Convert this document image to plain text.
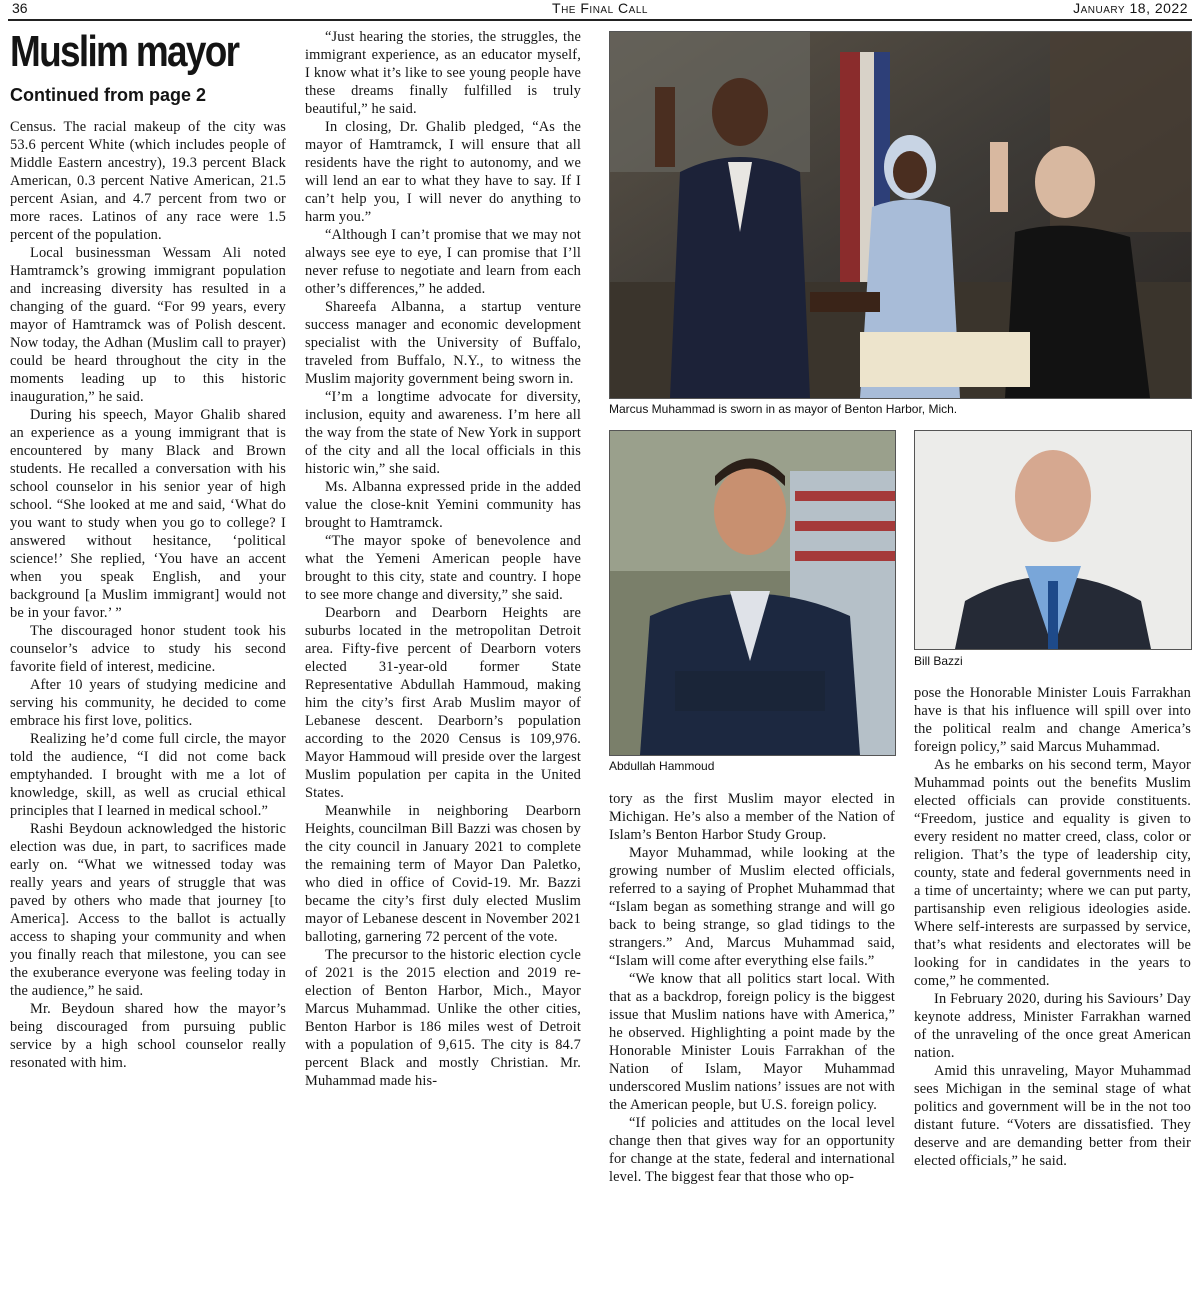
36	The Final Call	January 18, 2022
Muslim mayor
Continued from page 2

Census. The racial makeup of the city was 53.6 percent White (which includes people of Middle Eastern ancestry), 19.3 percent Black American, 0.3 percent Native American, 21.5 percent Asian, and 4.7 percent from two or more races. Latinos of any race were 1.5 percent of the population.

Local businessman Wessam Ali noted Hamtramck’s growing immigrant population and increasing diversity has resulted in a changing of the guard. “For 99 years, every mayor of Hamtramck was of Polish descent. Now today, the Adhan (Muslim call to prayer) could be heard throughout the city in the moments leading up to this historic inauguration,” he said.

During his speech, Mayor Ghalib shared an experience as a young immigrant that is encountered by many Black and Brown students. He recalled a conversation with his school counselor in his senior year of high school. “She looked at me and said, ‘What do you want to study when you go to college? I answered without hesitance, ‘political science!’ She replied, ‘You have an accent when you speak English, and your background [a Muslim immigrant] would not be in your favor.’ ”

The discouraged honor student took his counselor’s advice to study his second favorite field of interest, medicine.

After 10 years of studying medicine and serving his community, he decided to come embrace his first love, politics.

Realizing he’d come full circle, the mayor told the audience, “I did not come back emptyhanded. I brought with me a lot of knowledge, skill, as well as crucial ethical principles that I learned in medical school.”

Rashi Beydoun acknowledged the historic election was due, in part, to sacrifices made early on. “What we witnessed today was really years and years of struggle that was paved by others who made that journey [to America]. Access to the ballot is actually access to shaping your community and when you finally reach that milestone, you can see the exuberance everyone was feeling today in the audience,” he said.

Mr. Beydoun shared how the mayor’s being discouraged from pursuing public service by a high school counselor really resonated with him.

“Just hearing the stories, the struggles, the immigrant experience, as an educator myself, I know what it’s like to see young people have these dreams finally fulfilled is truly beautiful,” he said.

In closing, Dr. Ghalib pledged, “As the mayor of Hamtramck, I will ensure that all residents have the right to autonomy, and we will lend an ear to what they have to say. If I can’t help you, I will never do anything to harm you.”

“Although I can’t promise that we may not always see eye to eye, I can promise that I’ll never refuse to negotiate and learn from each other’s differences,” he added.

Shareefa Albanna, a startup venture success manager and economic development specialist with the University of Buffalo, traveled from Buffalo, N.Y., to witness the Muslim majority government being sworn in.

“I’m a longtime advocate for diversity, inclusion, equity and awareness. I’m here all the way from the state of New York in support of the city and all the local officials in this historic win,” she said.

Ms. Albanna expressed pride in the added value the close-knit Yemini community has brought to Hamtramck.

“The mayor spoke of benevolence and what the Yemeni American people have brought to this city, state and country. I hope to see more change and diversity,” she said.

Dearborn and Dearborn Heights are suburbs located in the metropolitan Detroit area. Fifty-five percent of Dearborn voters elected 31-year-old former State Representative Abdullah Hammoud, making him the city’s first Arab Muslim mayor of Lebanese descent. Dearborn’s population according to the 2020 Census is 109,976. Mayor Hammoud will preside over the largest Muslim population per capita in the United States.

Meanwhile in neighboring Dearborn Heights, councilman Bill Bazzi was chosen by the city council in January 2021 to complete the remaining term of Mayor Dan Paletko, who died in office of Covid-19. Mr. Bazzi became the city’s first duly elected Muslim mayor of Lebanese descent in November 2021 balloting, garnering 72 percent of the vote.

The precursor to the historic election cycle of 2021 is the 2015 election and 2019 re-election of Benton Harbor, Mich., Mayor Marcus Muhammad. Unlike the other cities, Benton Harbor is 186 miles west of Detroit with a population of 9,615. The city is 84.7 percent Black and mostly Christian. Mr. Muhammad made his-

Marcus Muhammad is sworn in as mayor of Benton Harbor, Mich.
Abdullah Hammoud
Bill Bazzi

tory as the first Muslim mayor elected in Michigan. He’s also a member of the Nation of Islam’s Benton Harbor Study Group.

Mayor Muhammad, while looking at the growing number of Muslim elected officials, referred to a saying of Prophet Muhammad that “Islam began as something strange and will go back to being strange, so glad tidings to the strangers.” And, Marcus Muhammad said, “Islam will come after everything else fails.”

“We know that all politics start local. With that as a backdrop, foreign policy is the biggest issue that Muslim nations have with America,” he observed. Highlighting a point made by the Honorable Minister Louis Farrakhan of the Nation of Islam, Mayor Muhammad underscored Muslim nations’ issues are not with the American people, but U.S. foreign policy.

“If policies and attitudes on the local level change then that gives way for an opportunity for change at the state, federal and international level. The biggest fear that those who op-

pose the Honorable Minister Louis Farrakhan have is that his influence will spill over into the political realm and change America’s foreign policy,” said Marcus Muhammad.

As he embarks on his second term, Mayor Muhammad points out the benefits Muslim elected officials can provide constituents. “Freedom, justice and equality is given to every resident no matter creed, class, color or religion. That’s the type of leadership city, county, state and federal governments need in a time of uncertainty; where we can put party, partisanship even religious ideologies aside. Where self-interests are surpassed by service, that’s what residents and electorates will be looking for in candidates in the years to come,” he commented.

In February 2020, during his Saviours’ Day keynote address, Minister Farrakhan warned of the unraveling of the once great American nation.

Amid this unraveling, Mayor Muhammad sees Michigan in the seminal stage of what politics and government will be in the not too distant future. “Voters are dissatisfied. They deserve and are demanding better from their elected officials,” he said.
